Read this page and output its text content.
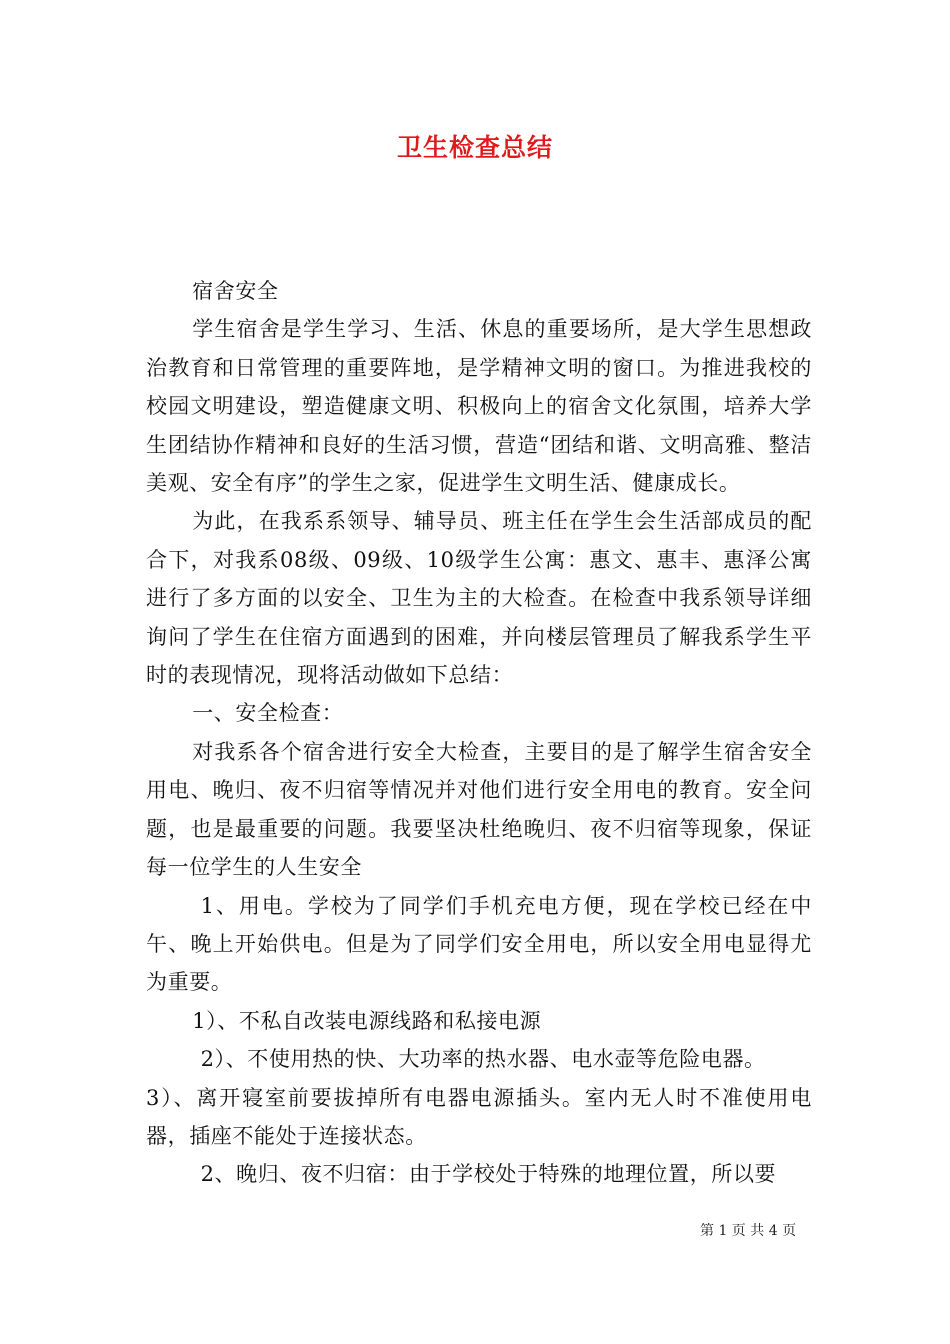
卫生检查总结

宿舍安全

学生宿舍是学生学习、生活、休息的重要场所，是大学生思想政治教育和日常管理的重要阵地，是学精神文明的窗口。为推进我校的校园文明建设，塑造健康文明、积极向上的宿舍文化氛围，培养大学生团结协作精神和良好的生活习惯，营造“团结和谐、文明高雅、整洁美观、安全有序”的学生之家，促进学生文明生活、健康成长。

为此，在我系系领导、辅导员、班主任在学生会生活部成员的配合下，对我系08级、09级、10级学生公寓：惠文、惠丰、惠泽公寓进行了多方面的以安全、卫生为主的大检查。在检查中我系领导详细询问了学生在住宿方面遇到的困难，并向楼层管理员了解我系学生平时的表现情况，现将活动做如下总结：

一、安全检查：

对我系各个宿舍进行安全大检查，主要目的是了解学生宿舍安全用电、晚归、夜不归宿等情况并对他们进行安全用电的教育。安全问题，也是最重要的问题。我要坚决杜绝晚归、夜不归宿等现象，保证每一位学生的人生安全

1、用电。学校为了同学们手机充电方便，现在学校已经在中午、晚上开始供电。但是为了同学们安全用电，所以安全用电显得尤为重要。

1）、不私自改装电源线路和私接电源

2）、不使用热的快、大功率的热水器、电水壶等危险电器。

3）、离开寝室前要拔掉所有电器电源插头。室内无人时不准使用电器，插座不能处于连接状态。

2、晚归、夜不归宿：由于学校处于特殊的地理位置，所以要

第 1 页 共 4 页
